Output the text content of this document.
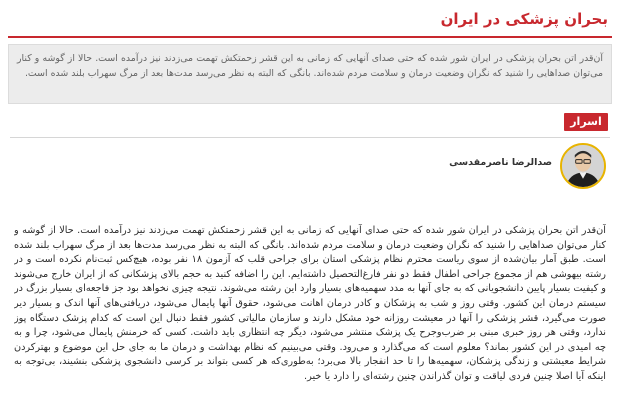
بحران پزشکی در ایران
آن‌قدر اتن بحران پزشکی در ایران شور شده که حتی صدای آنهایی که زمانی به این قشر زحمتکش تهمت می‌زدند نیز درآمده است. حالا از گوشه و کنار می‌توان صداهایی را شنید که نگران وضعیت درمان و سلامت مردم شده‌اند. بانگی که البته به نظر می‌رسد مدت‌ها بعد از مرگ سهراب بلند شده است.
اسرار
صدالرضا ناصرمقدسی
آن‌قدر اتن بحران پزشکی در ایران شور شده که حتی صدای آنهایی که زمانی به این قشر زحمتکش تهمت می‌زدند نیز درآمده است. حالا از گوشه و کنار می‌توان صداهایی را شنید که نگران وضعیت درمان و سلامت مردم شده‌اند. بانگی که البته به نظر می‌رسد مدت‌ها بعد از مرگ سهراب بلند شده است. طبق آمار بیان‌شده از سوی ریاست محترم نظام پزشکی استان برای جراحی قلب که آزمون ۱۸ نفر بوده، هیچ‌کس ثبت‌نام نکرده است و در رشته بیهوشی هم از مجموع جراحی اطفال فقط دو نفر فارغ‌التحصیل داشته‌ایم. این را اضافه کنید به حجم بالای پزشکانی که از ایران خارج می‌شوند و کیفیت بسیار پایین دانشجویانی که به جای آنها به مدد سهمیه‌های بسیار وارد این رشته می‌شوند. نتیجه چیزی نخواهد بود جز فاجعه‌ای بسیار بزرگ در سیستم درمان این کشور. وقتی روز و شب به پزشکان و کادر درمان اهانت می‌شود، حقوق آنها پایمال می‌شود، دریافتی‌های آنها اندک و بسیار دیر صورت می‌گیرد، قشر پزشکی را آنها در معیشت روزانه خود مشکل دارند و سازمان مالیاتی کشور فقط دنبال این است که کدام پزشک دستگاه پوز ندارد، وقتی هر روز خبری مبنی بر ضرب‌وجرح یک پزشک منتشر می‌شود، دیگر چه انتظاری باید داشت. کسی که خرمنش پایمال می‌شود، چرا و به چه امیدی در این کشور بماند؟ معلوم است که می‌گذارد و می‌رود. وقتی می‌بینیم که نظام بهداشت و درمان ما به جای حل این موضوع و بهترکردن شرایط معیشتی و زندگی پزشکان، سهمیه‌ها را تا حد انفجار بالا می‌برد؛ به‌طوری‌که هر کسی بتواند بر کرسی دانشجوی پزشکی بنشیند، بی‌توجه به اینکه آیا اصلا چنین فردی لیاقت و توان گذراندن چنین رشته‌ای را دارد یا خیر.
